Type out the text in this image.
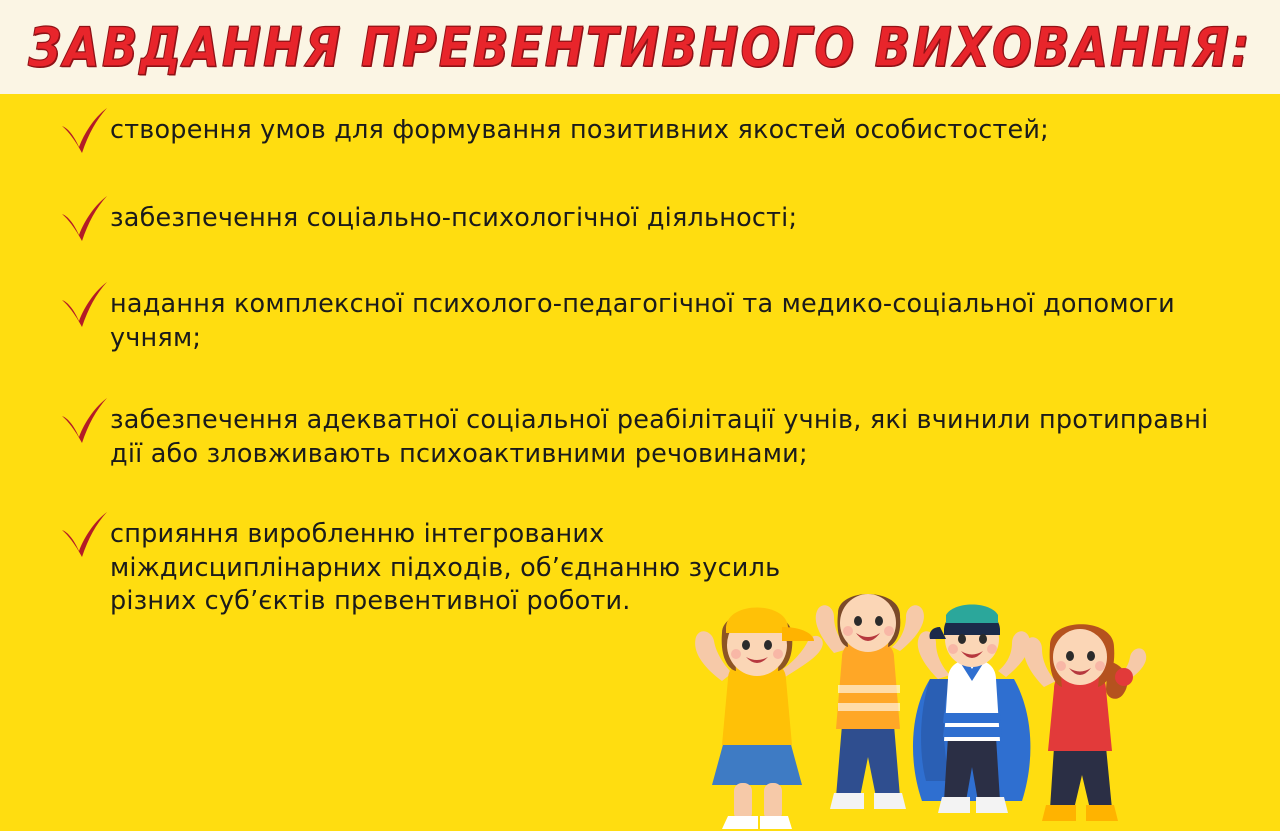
ЗАВДАННЯ ПРЕВЕНТИВНОГО ВИХОВАННЯ:
створення умов для формування позитивних якостей особистостей;
забезпечення соціально-психологічної діяльності;
надання комплексної психолого-педагогічної та медико-соціальної допомоги учням;
забезпечення адекватної соціальної реабілітації учнів, які вчинили протиправні дії або зловживають психоактивними речовинами;
сприяння виробленню інтегрованих міждисциплінарних підходів, об’єднанню зусиль різних суб’єктів превентивної роботи.
